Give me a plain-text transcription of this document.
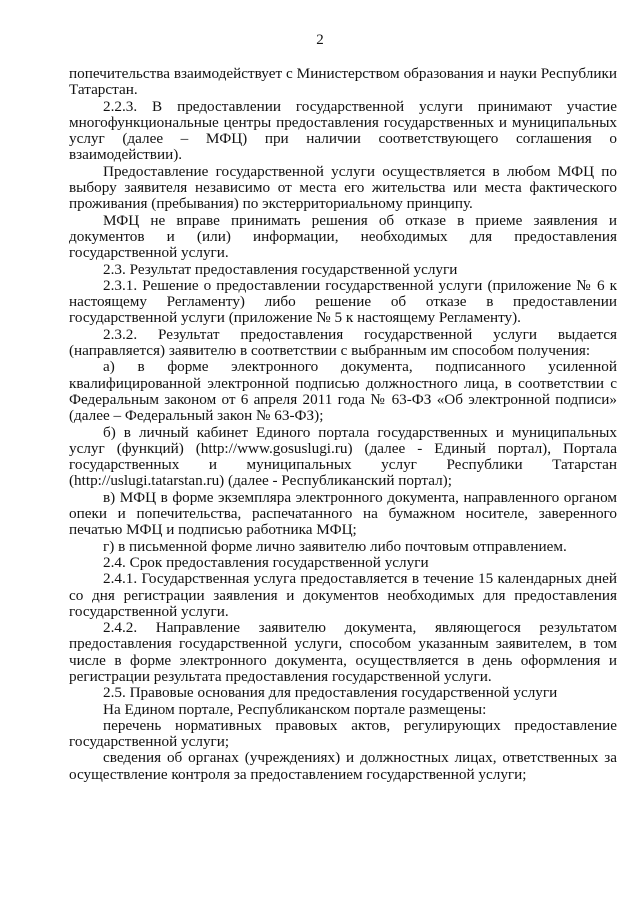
2

попечительства взаимодействует с Министерством образования и науки Республики Татарстан.

2.2.3. В предоставлении государственной услуги принимают участие многофункциональные центры предоставления государственных и муниципальных услуг (далее – МФЦ) при наличии соответствующего соглашения о взаимодействии).

Предоставление государственной услуги осуществляется в любом МФЦ по выбору заявителя независимо от места его жительства или места фактического проживания (пребывания) по экстерриториальному принципу.

МФЦ не вправе принимать решения об отказе в приеме заявления и документов и (или) информации, необходимых для предоставления государственной услуги.

2.3. Результат предоставления государственной услуги

2.3.1. Решение о предоставлении государственной услуги (приложение № 6 к настоящему Регламенту) либо решение об отказе в предоставлении государственной услуги (приложение № 5 к настоящему Регламенту).

2.3.2. Результат предоставления государственной услуги выдается (направляется) заявителю в соответствии с выбранным им способом получения:

а) в форме электронного документа, подписанного усиленной квалифицированной электронной подписью должностного лица, в соответствии с Федеральным законом от 6 апреля 2011 года № 63-ФЗ «Об электронной подписи» (далее – Федеральный закон № 63-ФЗ);

б) в личный кабинет Единого портала государственных и муниципальных услуг (функций) (http://www.gosuslugi.ru) (далее - Единый портал), Портала государственных и муниципальных услуг Республики Татарстан (http://uslugi.tatarstan.ru) (далее - Республиканский портал);

в) МФЦ в форме экземпляра электронного документа, направленного органом опеки и попечительства, распечатанного на бумажном носителе, заверенного печатью МФЦ и подписью работника МФЦ;

г) в письменной форме лично заявителю либо почтовым отправлением.

2.4. Срок предоставления государственной услуги

2.4.1. Государственная услуга предоставляется в течение 15 календарных дней со дня регистрации заявления и документов необходимых для предоставления государственной услуги.

2.4.2. Направление заявителю документа, являющегося результатом предоставления государственной услуги, способом указанным заявителем, в том числе в форме электронного документа, осуществляется в день оформления и регистрации результата предоставления государственной услуги.

2.5. Правовые основания для предоставления государственной услуги

На Едином портале, Республиканском портале размещены:

перечень нормативных правовых актов, регулирующих предоставление государственной услуги;

сведения об органах (учреждениях) и должностных лицах, ответственных за осуществление контроля за предоставлением государственной услуги;
